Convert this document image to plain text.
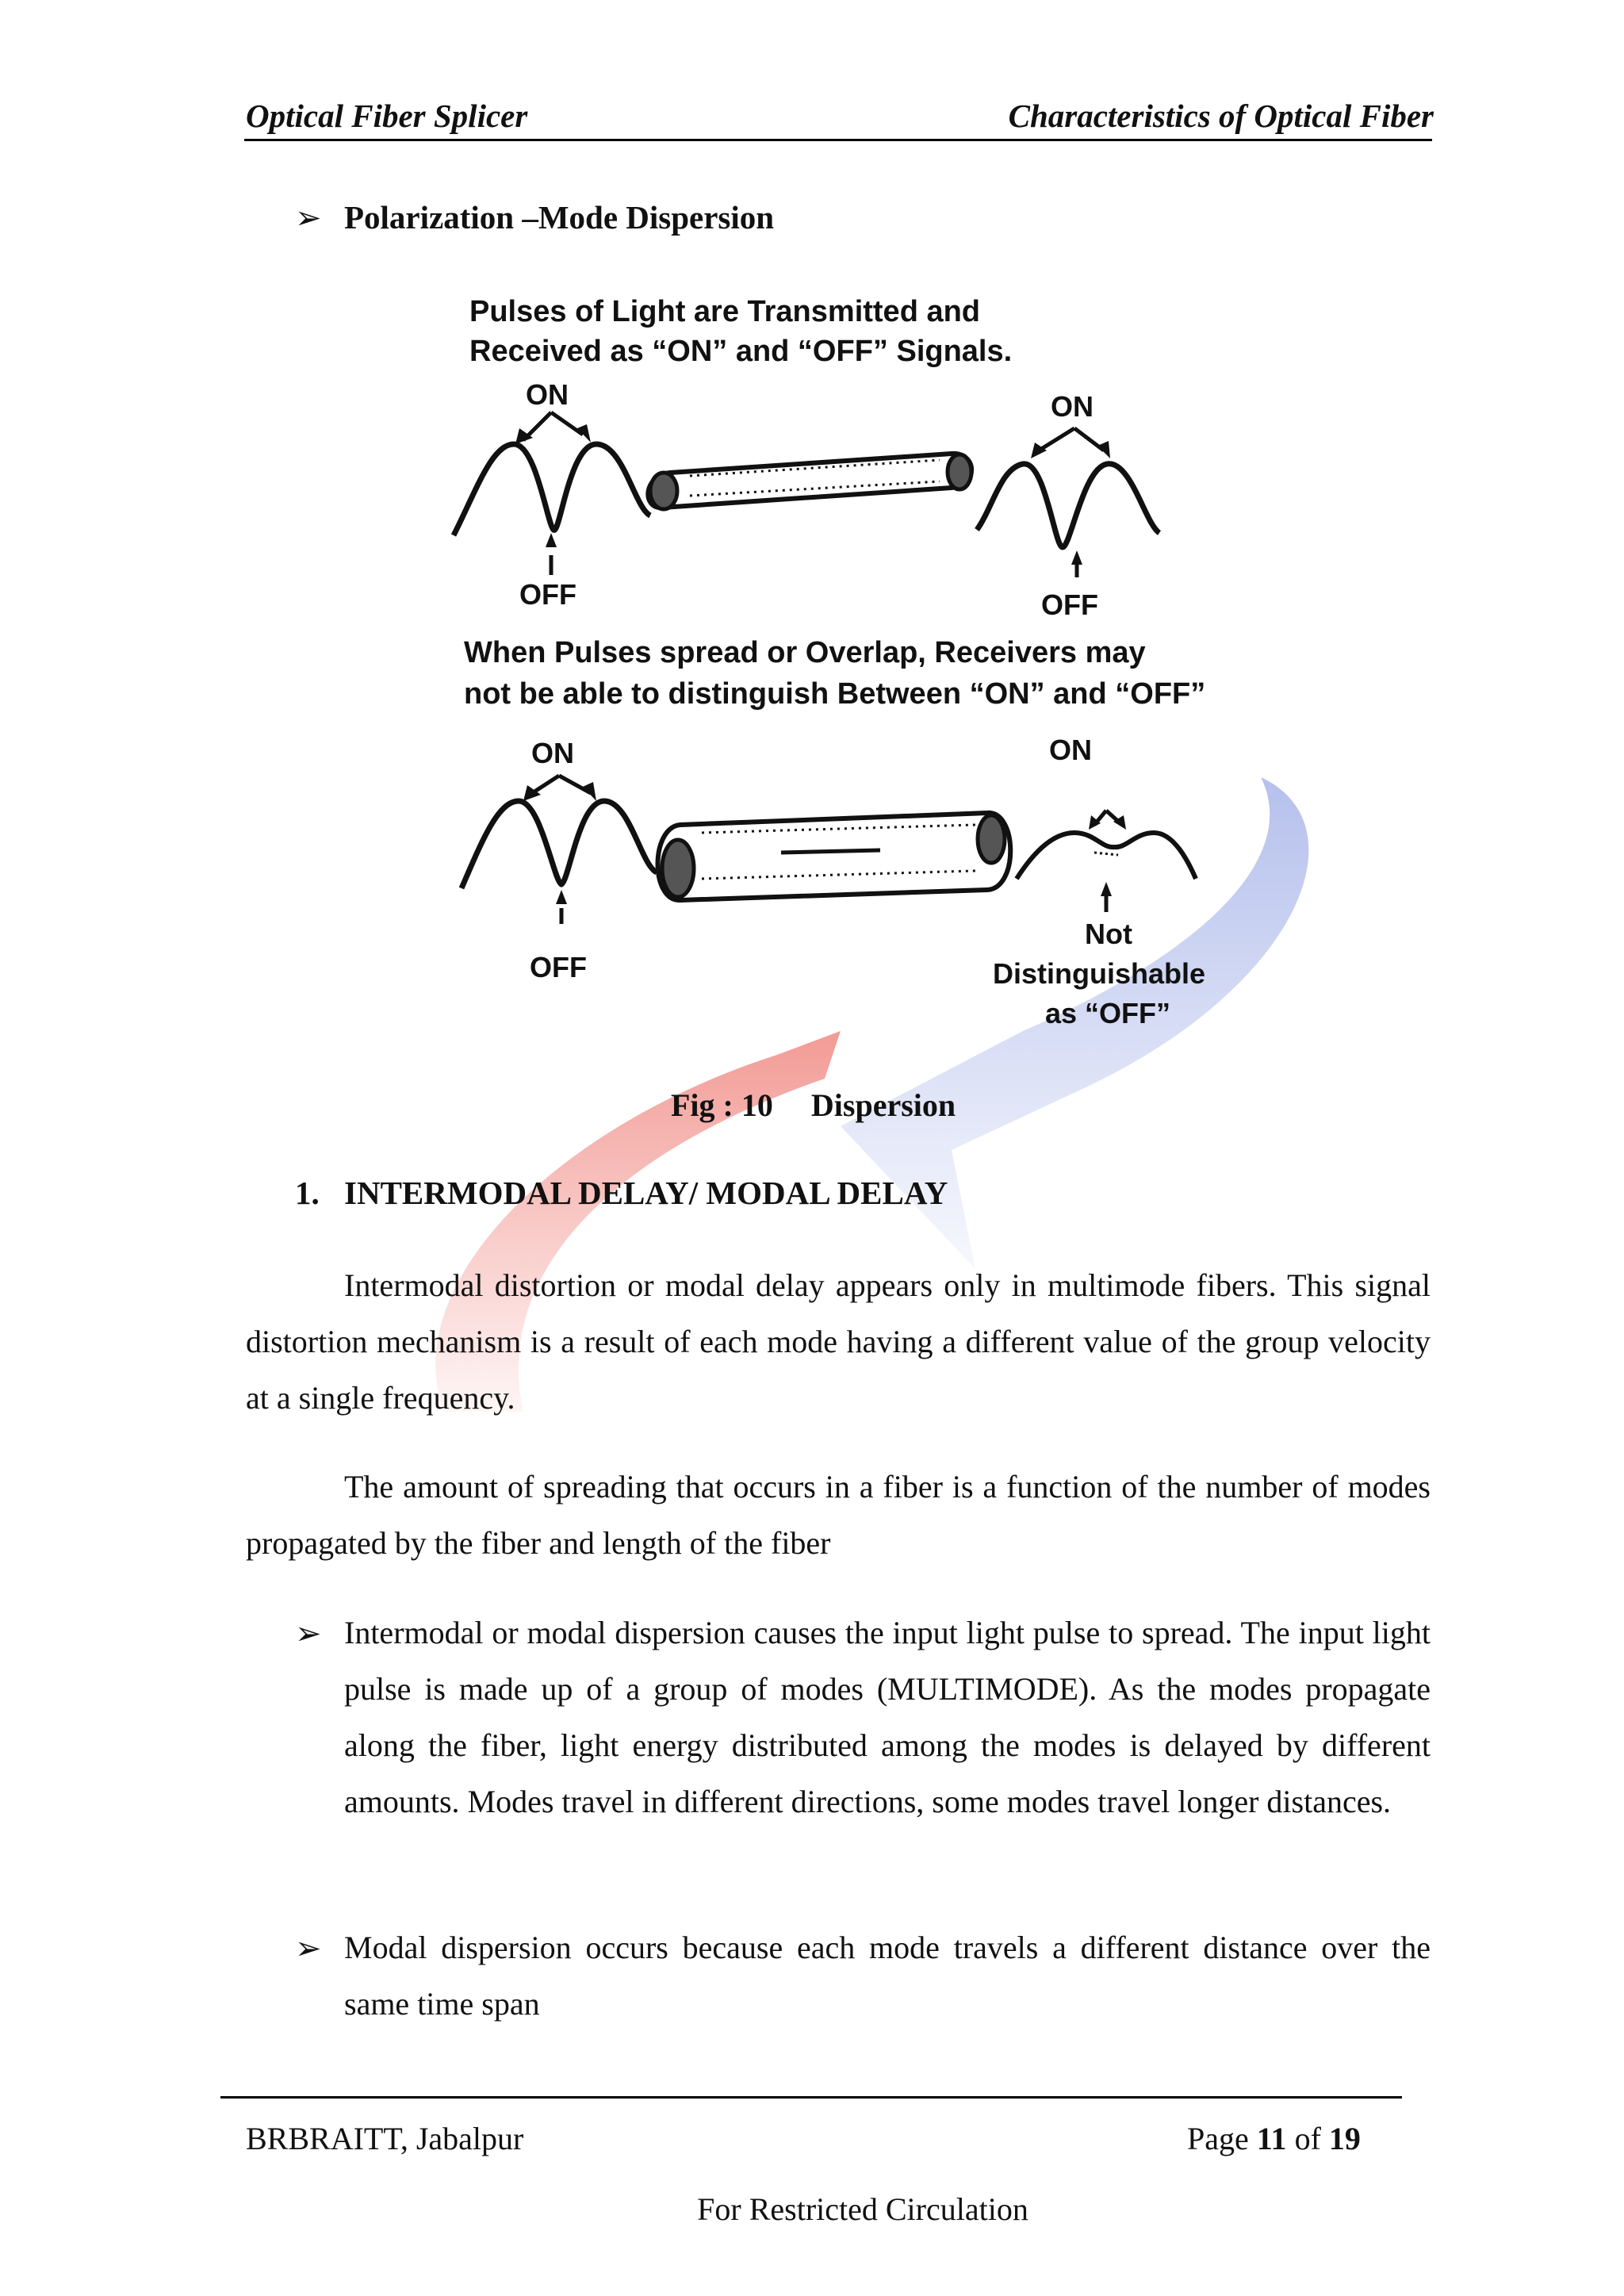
Optical Fiber Splicer	Characteristics of Optical Fiber
➢ Polarization –Mode Dispersion
Pulses of Light are Transmitted and
Received as “ON” and “OFF” Signals.
ON
OFF
ON
OFF
When Pulses spread or Overlap, Receivers may
not be able to distinguish Between “ON” and “OFF”
ON
OFF
ON
Not
Distinguishable
as “OFF”
Fig : 10 Dispersion
1. INTERMODAL DELAY/ MODAL DELAY
Intermodal distortion or modal delay appears only in multimode fibers. This signal distortion mechanism is a result of each mode having a different value of the group velocity at a single frequency.
The amount of spreading that occurs in a fiber is a function of the number of modes propagated by the fiber and length of the fiber
➢ Intermodal or modal dispersion causes the input light pulse to spread. The input light pulse is made up of a group of modes (MULTIMODE). As the modes propagate along the fiber, light energy distributed among the modes is delayed by different amounts. Modes travel in different directions, some modes travel longer distances.
➢ Modal dispersion occurs because each mode travels a different distance over the same time span
BRBRAITT, Jabalpur	Page 11 of 19
For Restricted Circulation
